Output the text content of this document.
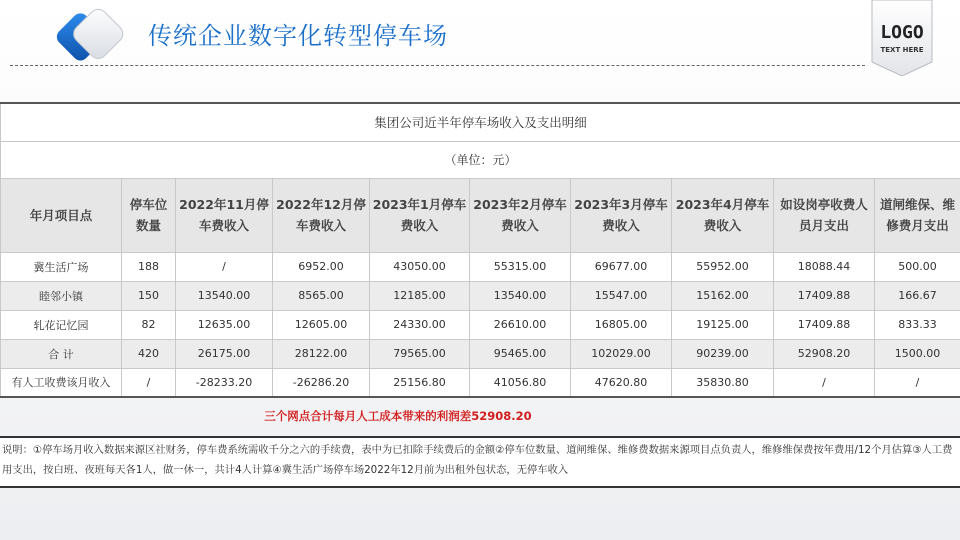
传统企业数字化转型停车场	LOGO
TEXT HERE
集团公司近半年停车场收入及支出明细									
（单位：元）									
年月项目点	停车位数量	2022年11月停车费收入	2022年12月停车费收入	2023年1月停车费收入	2023年2月停车费收入	2023年3月停车费收入	2023年4月停车费收入	如设岗亭收费人员月支出	道闸维保、维修费月支出
冀生活广场	188	/	6952.00	43050.00	55315.00	69677.00	55952.00	18088.44	500.00
睦邻小镇	150	13540.00	8565.00	12185.00	13540.00	15547.00	15162.00	17409.88	166.67
轧花记忆园	82	12635.00	12605.00	24330.00	26610.00	16805.00	19125.00	17409.88	833.33
合 计	420	26175.00	28122.00	79565.00	95465.00	102029.00	90239.00	52908.20	1500.00
有人工收费该月收入	/	-28233.20	-26286.20	25156.80	41056.80	47620.80	35830.80	/	/
三个网点合计每月人工成本带来的利润差52908.20
说明：①停车场月收入数据来源区社财务，停车费系统需收千分之六的手续费，表中为已扣除手续费后的金额②停车位数量、道闸维保、维修费数据来源项目点负责人，维修维保费按年费用/12个月估算③人工费用支出，按白班、夜班每天各1人，做一休一，共计4人计算④冀生活广场停车场2022年12月前为出租外包状态，无停车收入
